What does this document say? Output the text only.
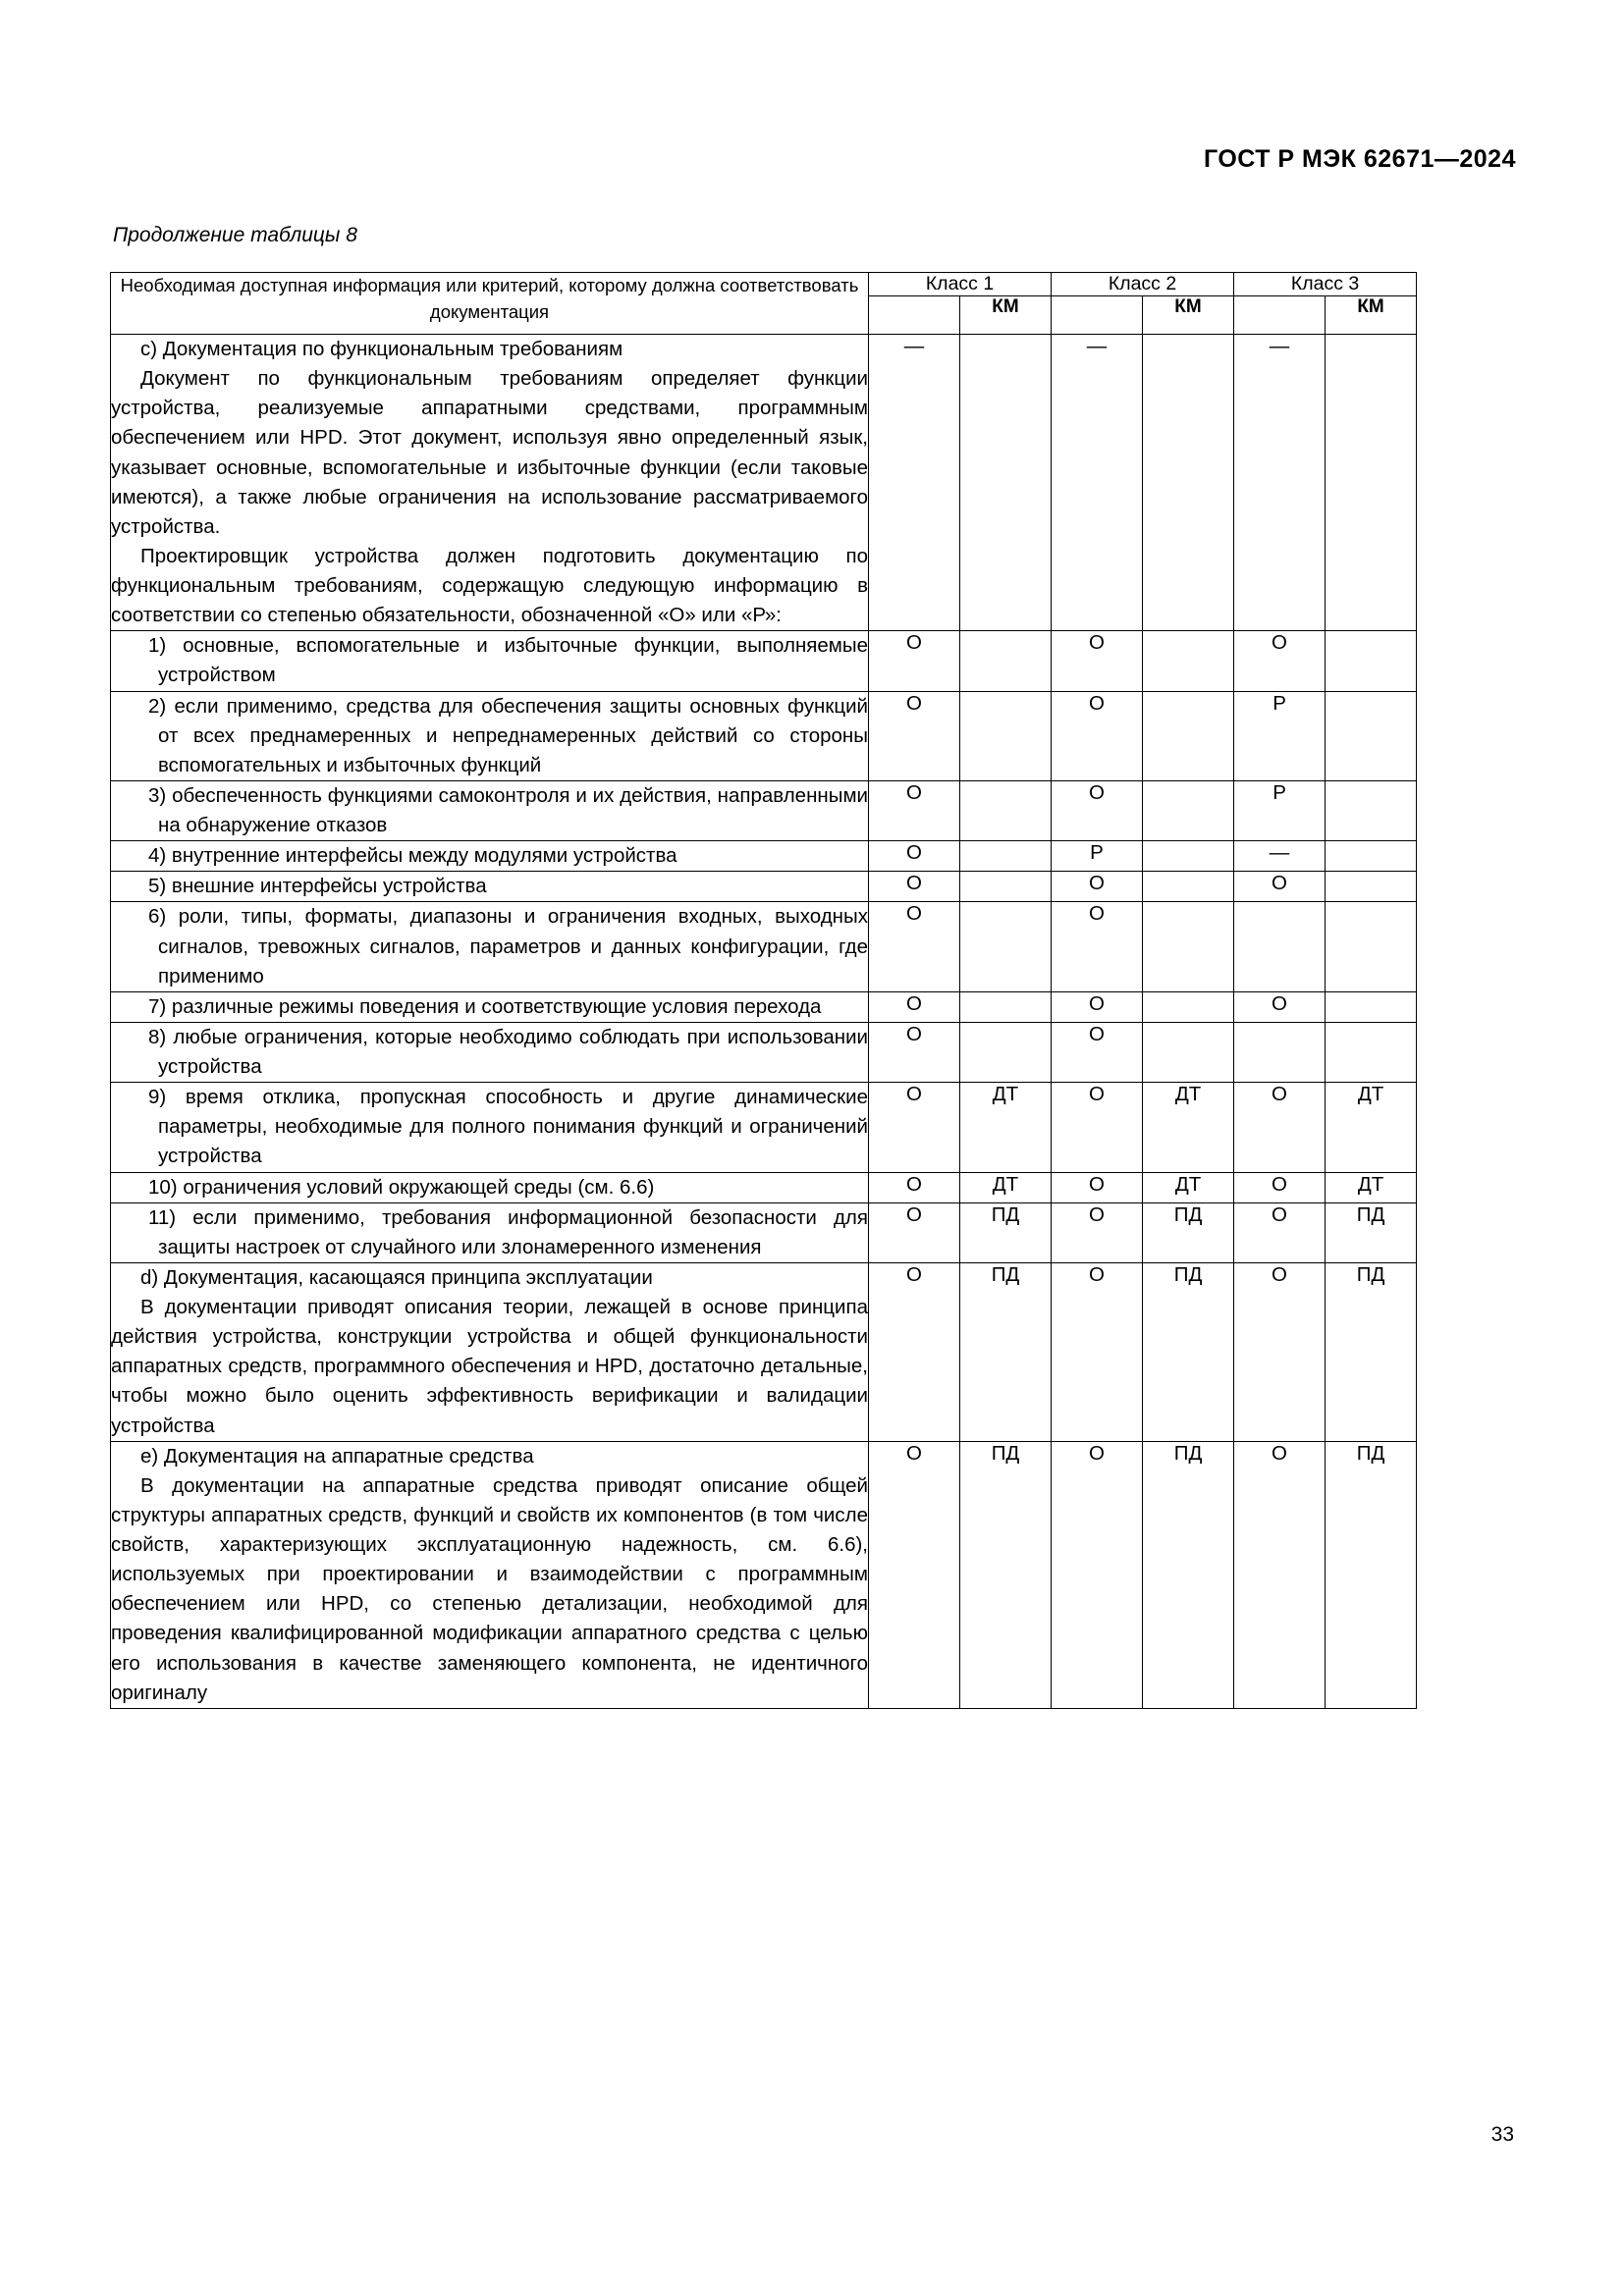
ГОСТ Р МЭК 62671—2024
Продолжение таблицы 8
Необходимая доступная информация или критерий, которому должна соответствовать документация	Класс 1		Класс 2		Класс 3	
		КМ		КМ		КМ

c) Документация по функциональным требованиям

Документ по функциональным требованиям определяет функции устройства, реализуемые аппаратными средствами, программным обеспечением или HPD. Этот документ, используя явно определенный язык, указывает основные, вспомогательные и избыточные функции (если таковые имеются), а также любые ограничения на использование рассматриваемого устройства.

Проектировщик устройства должен подготовить документацию по функциональным требованиям, содержащую следующую информацию в соответствии со степенью обязательности, обозначенной «О» или «Р»:	—		—		—	

1) основные, вспомогательные и избыточные функции, выполняемые устройством	О		О		О	

2) если применимо, средства для обеспечения защиты основных функций от всех преднамеренных и непреднамеренных действий со стороны вспомогательных и избыточных функций	О		О		Р	

3) обеспеченность функциями самоконтроля и их действия, направленными на обнаружение отказов	О		О		Р	

4) внутренние интерфейсы между модулями устройства	О		Р		—	

5) внешние интерфейсы устройства	О		О		О	

6) роли, типы, форматы, диапазоны и ограничения входных, выходных сигналов, тревожных сигналов, параметров и данных конфигурации, где применимо	О		О			

7) различные режимы поведения и соответствующие условия перехода	О		О		О	

8) любые ограничения, которые необходимо соблюдать при использовании устройства	О		О			

9) время отклика, пропускная способность и другие динамические параметры, необходимые для полного понимания функций и ограничений устройства	О	ДТ	О	ДТ	О	ДТ

10) ограничения условий окружающей среды (см. 6.6)	О	ДТ	О	ДТ	О	ДТ

11) если применимо, требования информационной безопасности для защиты настроек от случайного или злонамеренного изменения	О	ПД	О	ПД	О	ПД

d) Документация, касающаяся принципа эксплуатации

В документации приводят описания теории, лежащей в основе принципа действия устройства, конструкции устройства и общей функциональности аппаратных средств, программного обеспечения и HPD, достаточно детальные, чтобы можно было оценить эффективность верификации и валидации устройства	О	ПД	О	ПД	О	ПД

e) Документация на аппаратные средства

В документации на аппаратные средства приводят описание общей структуры аппаратных средств, функций и свойств их компонентов (в том числе свойств, характеризующих эксплуатационную надежность, см. 6.6), используемых при проектировании и взаимодействии с программным обеспечением или HPD, со степенью детализации, необходимой для проведения квалифицированной модификации аппаратного средства с целью его использования в качестве заменяющего компонента, не идентичного оригиналу	О	ПД	О	ПД	О	ПД
33
